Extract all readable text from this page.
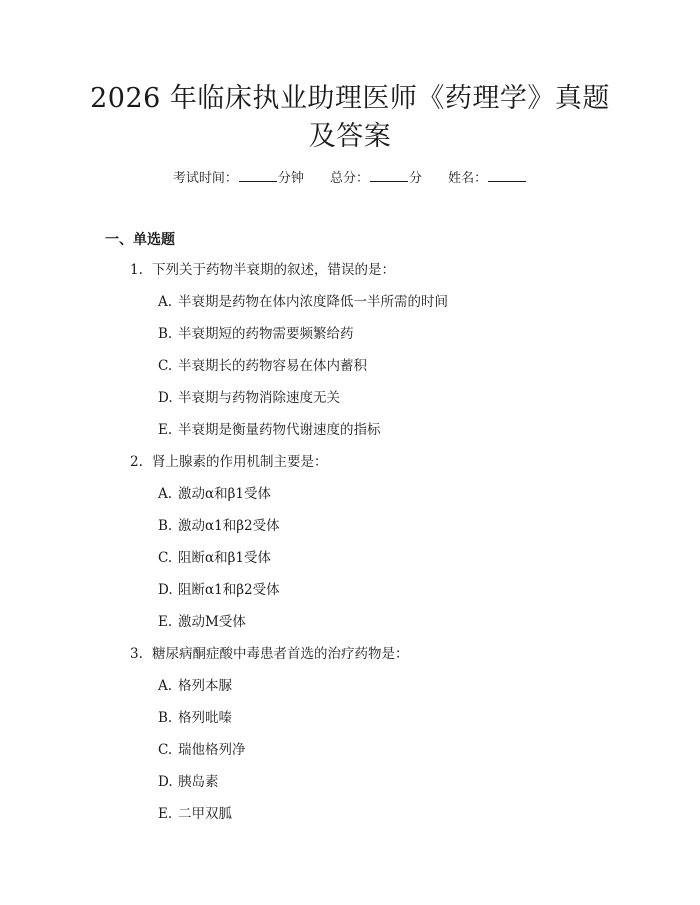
2026 年临床执业助理医师《药理学》真题及答案
考试时间：	分钟 总分：	分 姓名：
一、单选题
1. 下列关于药物半衰期的叙述，错误的是：
A. 半衰期是药物在体内浓度降低一半所需的时间
B. 半衰期短的药物需要频繁给药
C. 半衰期长的药物容易在体内蓄积
D. 半衰期与药物消除速度无关
E. 半衰期是衡量药物代谢速度的指标
2. 肾上腺素的作用机制主要是：
A. 激动α和β1受体
B. 激动α1和β2受体
C. 阻断α和β1受体
D. 阻断α1和β2受体
E. 激动M受体
3. 糖尿病酮症酸中毒患者首选的治疗药物是：
A. 格列本脲
B. 格列吡嗪
C. 瑞他格列净
D. 胰岛素
E. 二甲双胍
